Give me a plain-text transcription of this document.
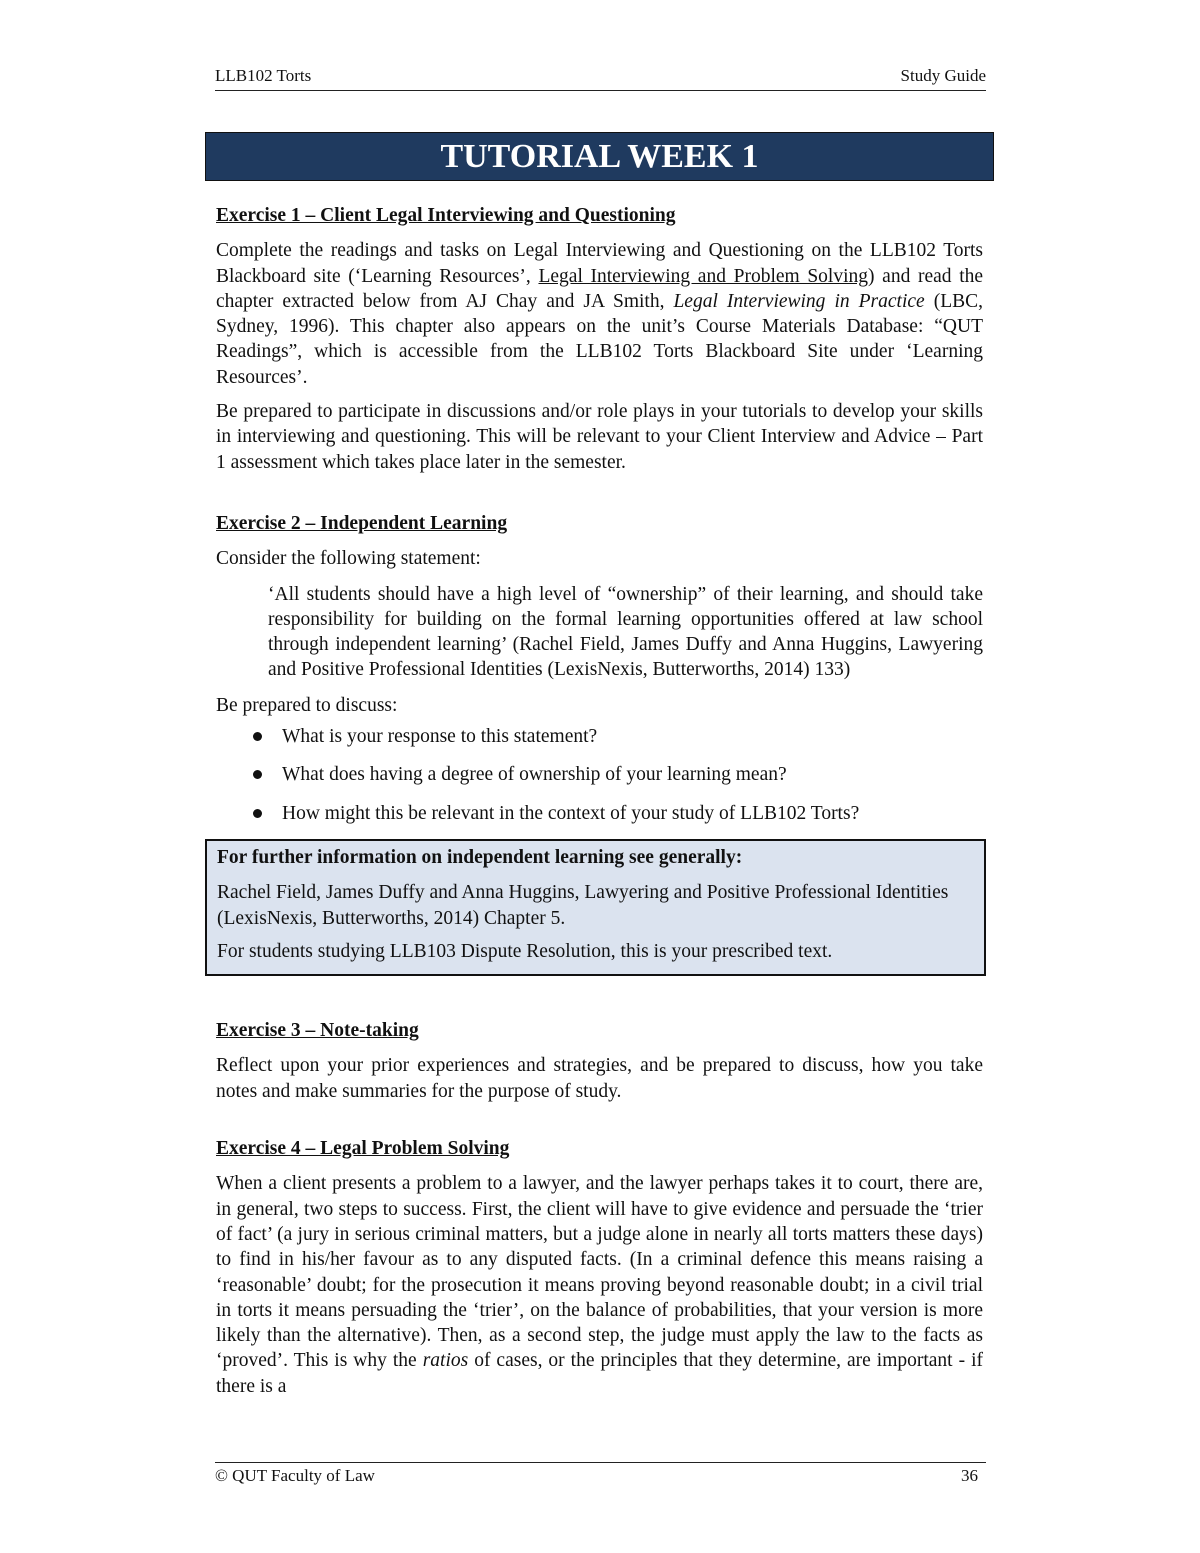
LLB102 Torts	Study Guide
TUTORIAL WEEK 1
Exercise 1 – Client Legal Interviewing and Questioning

Complete the readings and tasks on Legal Interviewing and Questioning on the LLB102 Torts Blackboard site (‘Learning Resources’, Legal Interviewing and Problem Solving) and read the chapter extracted below from AJ Chay and JA Smith, Legal Interviewing in Practice (LBC, Sydney, 1996). This chapter also appears on the unit’s Course Materials Database: “QUT Readings”, which is accessible from the LLB102 Torts Blackboard Site under ‘Learning Resources’.

Be prepared to participate in discussions and/or role plays in your tutorials to develop your skills in interviewing and questioning. This will be relevant to your Client Interview and Advice – Part 1 assessment which takes place later in the semester.

Exercise 2 – Independent Learning
Consider the following statement:
‘All students should have a high level of “ownership” of their learning, and should take responsibility for building on the formal learning opportunities offered at law school through independent learning’ (Rachel Field, James Duffy and Anna Huggins, Lawyering and Positive Professional Identities (LexisNexis, Butterworths, 2014) 133)
Be prepared to discuss:
What is your response to this statement?
What does having a degree of ownership of your learning mean?
How might this be relevant in the context of your study of LLB102 Torts?
For further information on independent learning see generally:

Rachel Field, James Duffy and Anna Huggins, Lawyering and Positive Professional Identities (LexisNexis, Butterworths, 2014) Chapter 5.

For students studying LLB103 Dispute Resolution, this is your prescribed text.

Exercise 3 – Note-taking

Reflect upon your prior experiences and strategies, and be prepared to discuss, how you take notes and make summaries for the purpose of study.

Exercise 4 – Legal Problem Solving

When a client presents a problem to a lawyer, and the lawyer perhaps takes it to court, there are, in general, two steps to success. First, the client will have to give evidence and persuade the ‘trier of fact’ (a jury in serious criminal matters, but a judge alone in nearly all torts matters these days) to find in his/her favour as to any disputed facts. (In a criminal defence this means raising a ‘reasonable’ doubt; for the prosecution it means proving beyond reasonable doubt; in a civil trial in torts it means persuading the ‘trier’, on the balance of probabilities, that your version is more likely than the alternative). Then, as a second step, the judge must apply the law to the facts as ‘proved’. This is why the ratios of cases, or the principles that they determine, are important - if there is a

© QUT Faculty of Law	36
